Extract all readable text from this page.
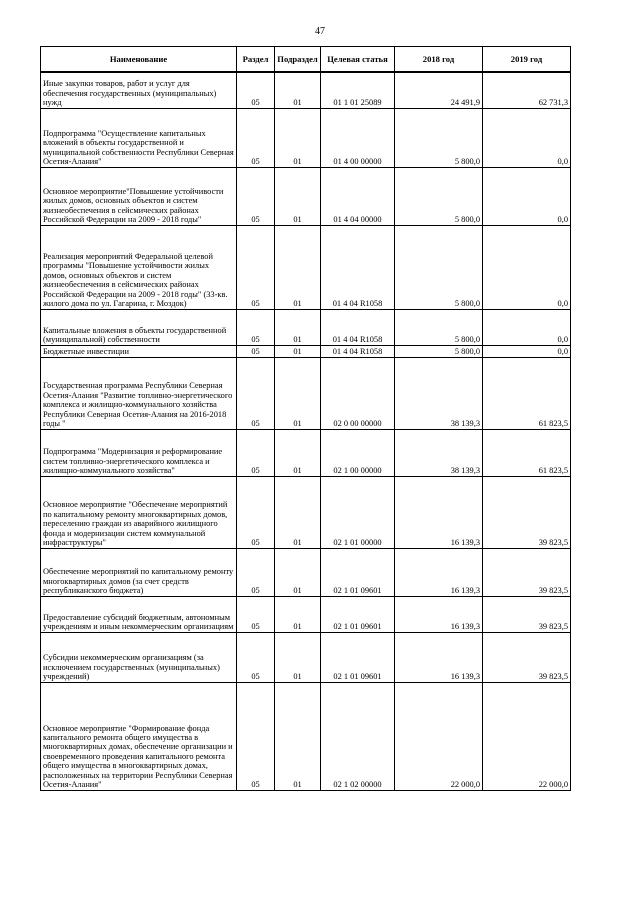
47
Наименование	Раздел	Подраздел	Целевая статья	2018 год	2019 год
Иные закупки товаров, работ и услуг для обеспечения государственных (муниципальных) нужд	05	01	01 1 01 25089	24 491,9	62 731,3
Подпрограмма "Осуществление капитальных вложений в объекты государственной и муниципальной собственности Республики Северная Осетия-Алания"	05	01	01 4 00 00000	5 800,0	0,0
Основное мероприятие"Повышение устойчивости жилых домов, основных объектов и систем жизнеобеспечения в сейсмических районах Российской Федерации на 2009 - 2018 годы"	05	01	01 4 04 00000	5 800,0	0,0
Реализация мероприятий Федеральной целевой программы "Повышение устойчивости жилых домов, основных объектов и систем жизнеобеспечения в сейсмических районах Российской Федерации на 2009 - 2018 годы" (33-кв. жилого дома по ул. Гагарина, г. Моздок)	05	01	01 4 04 R1058	5 800,0	0,0
Капитальные вложения в объекты государственной (муниципальной) собственности	05	01	01 4 04 R1058	5 800,0	0,0
Бюджетные инвестиции	05	01	01 4 04 R1058	5 800,0	0,0
Государственная программа Республики Северная Осетия-Алания "Развитие топливно-энергетического комплекса и жилищно-коммунального хозяйства Республики Северная Осетия-Алания на 2016-2018 годы "	05	01	02 0 00 00000	38 139,3	61 823,5
Подпрограмма "Модернизация и реформирование систем топливно-энергетического комплекса и жилищно-коммунального хозяйства"	05	01	02 1 00 00000	38 139,3	61 823,5
Основное мероприятие "Обеспечение мероприятий по капитальному ремонту многоквартирных домов, переселению граждан из аварийного жилищного фонда и модернизации систем коммунальной инфраструктуры"	05	01	02 1 01 00000	16 139,3	39 823,5
Обеспечение мероприятий по капитальному ремонту многоквартирных домов (за счет средств республиканского бюджета)	05	01	02 1 01 09601	16 139,3	39 823,5
Предоставление субсидий бюджетным, автономным учреждениям и иным некоммерческим организациям	05	01	02 1 01 09601	16 139,3	39 823,5
Субсидии некоммерческим организациям (за исключением государственных (муниципальных) учреждений)	05	01	02 1 01 09601	16 139,3	39 823,5
Основное мероприятие "Формирование фонда капитального ремонта общего имущества в многоквартирных домах, обеспечение организации и своевременного проведения капитального ремонта общего имущества в многоквартирных домах, расположенных на территории Республики Северная Осетия-Алания"	05	01	02 1 02 00000	22 000,0	22 000,0
